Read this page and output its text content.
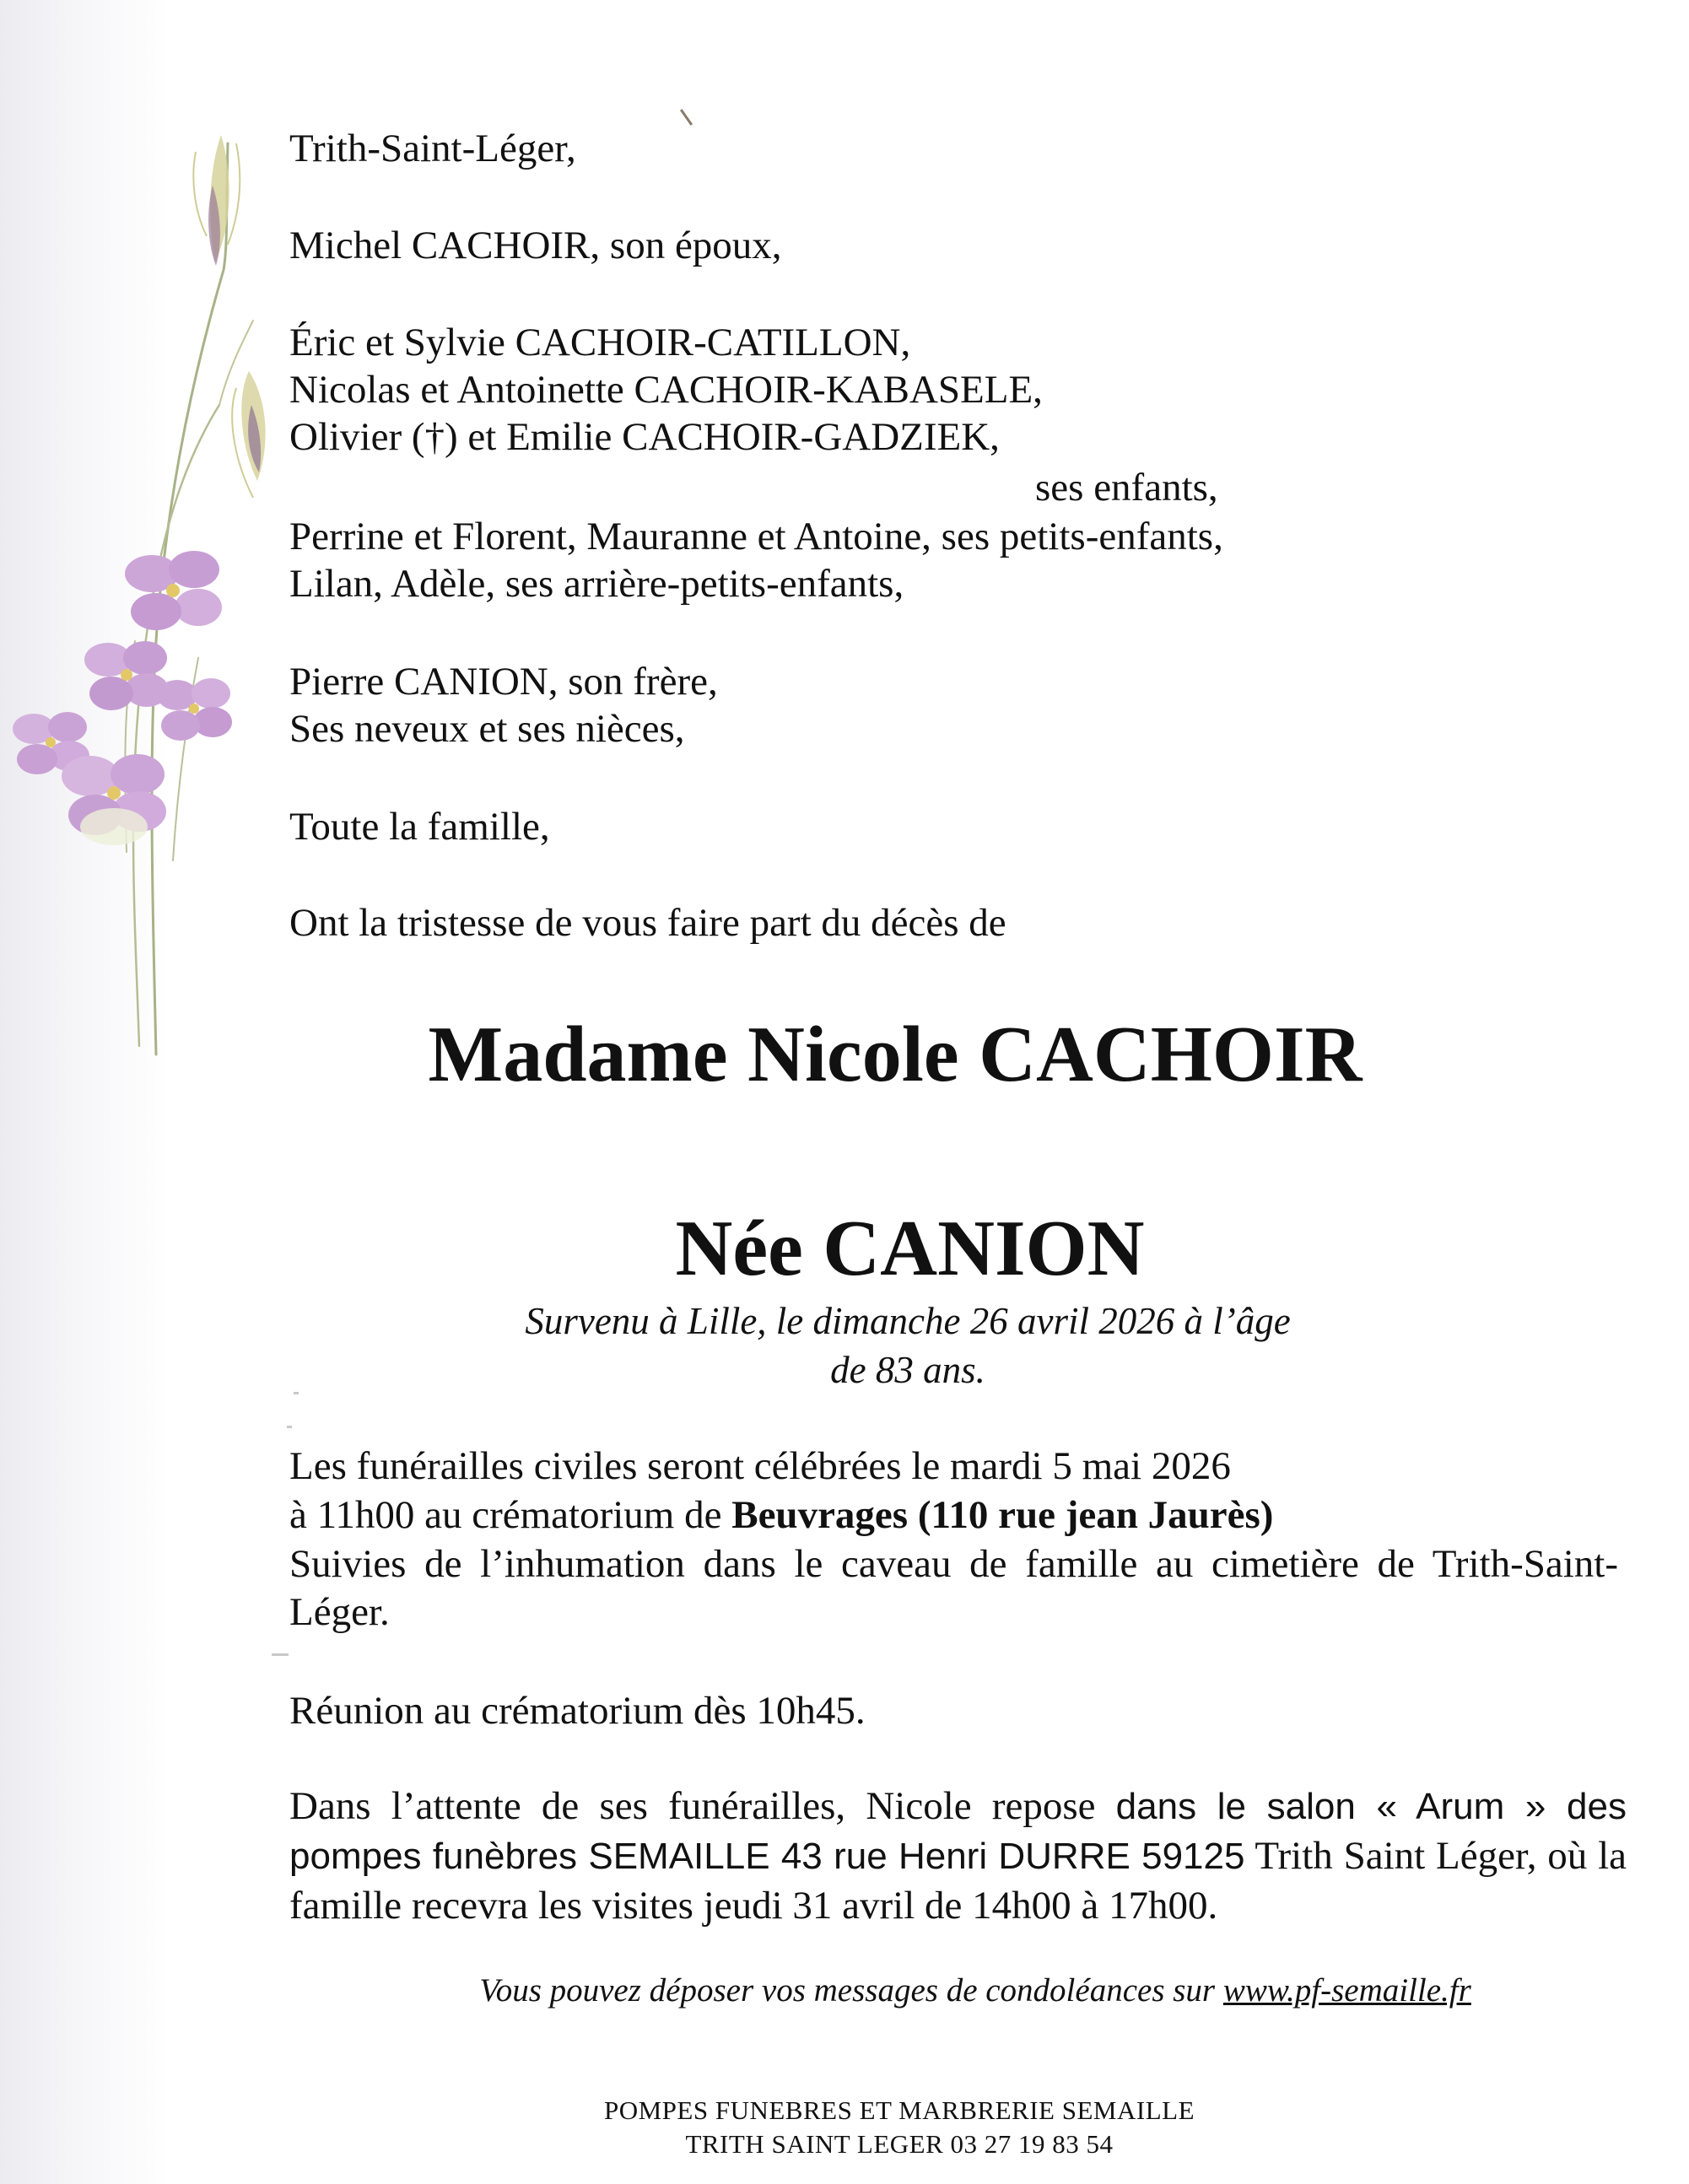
Trith-Saint-Léger,
Michel CACHOIR, son époux,
Éric et Sylvie CACHOIR-CATILLON,
Nicolas et Antoinette CACHOIR-KABASELE,
Olivier (†) et Emilie CACHOIR-GADZIEK,
ses enfants,
Perrine et Florent, Mauranne et Antoine, ses petits-enfants,
Lilan, Adèle, ses arrière-petits-enfants,
Pierre CANION, son frère,
Ses neveux et ses nièces,
Toute la famille,
Ont la tristesse de vous faire part du décès de
Madame Nicole CACHOIR
Née CANION
Survenu à Lille, le dimanche 26 avril 2026 à l’âge
de 83 ans.
Les funérailles civiles seront célébrées le mardi 5 mai 2026
à 11h00 au crématorium de Beuvrages (110 rue jean Jaurès)
Suivies de l’inhumation dans le caveau de famille au cimetière de Trith-Saint-Léger.
Réunion au crématorium dès 10h45.
Dans l’attente de ses funérailles, Nicole repose dans le salon « Arum » des pompes funèbres SEMAILLE 43 rue Henri DURRE 59125 Trith Saint Léger, où la famille recevra les visites jeudi 31 avril de 14h00 à 17h00.
Vous pouvez déposer vos messages de condoléances sur www.pf-semaille.fr
POMPES FUNEBRES ET MARBRERIE SEMAILLE
TRITH SAINT LEGER 03 27 19 83 54
